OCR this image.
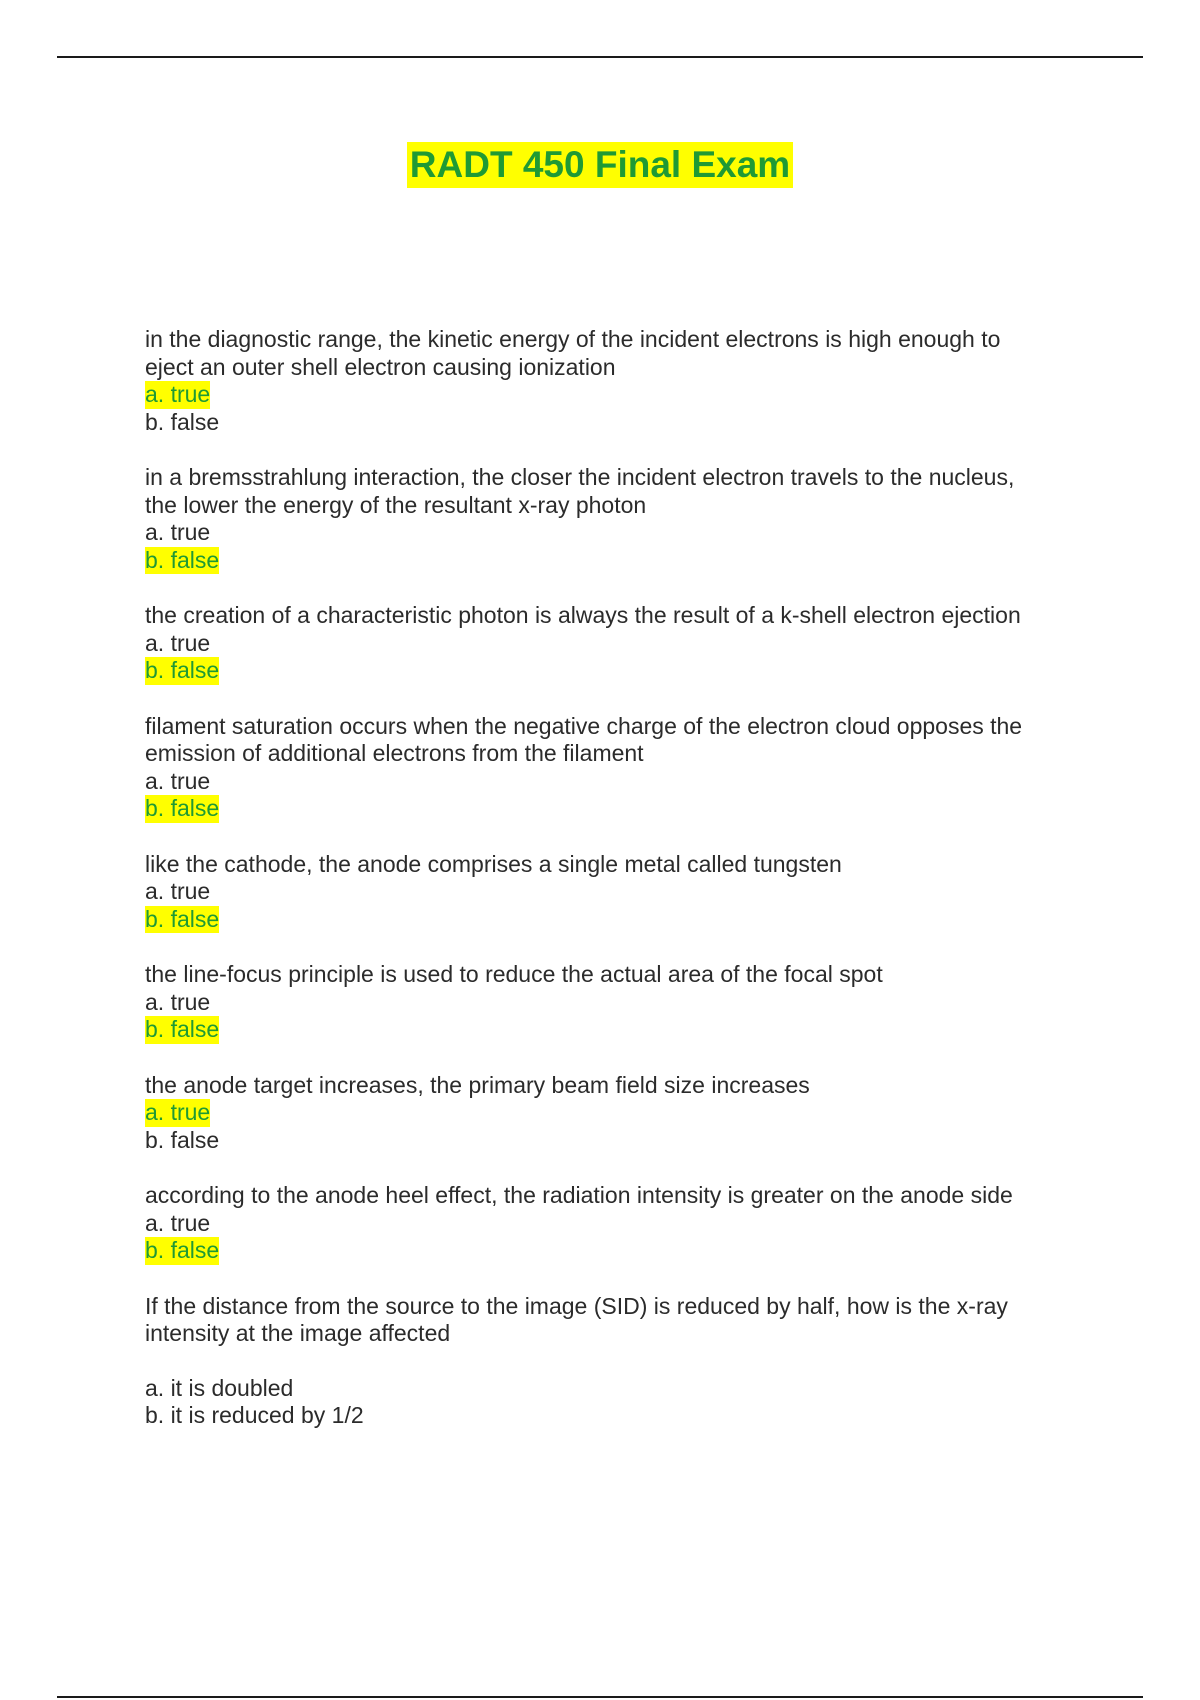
RADT 450 Final Exam
in the diagnostic range, the kinetic energy of the incident electrons is high enough to
eject an outer shell electron causing ionization
a. true
b. false
in a bremsstrahlung interaction, the closer the incident electron travels to the nucleus,
the lower the energy of the resultant x-ray photon
a. true
b. false
the creation of a characteristic photon is always the result of a k-shell electron ejection
a. true
b. false
filament saturation occurs when the negative charge of the electron cloud opposes the
emission of additional electrons from the filament
a. true
b. false
like the cathode, the anode comprises a single metal called tungsten
a. true
b. false
the line-focus principle is used to reduce the actual area of the focal spot
a. true
b. false
the anode target increases, the primary beam field size increases
a. true
b. false
according to the anode heel effect, the radiation intensity is greater on the anode side
a. true
b. false
If the distance from the source to the image (SID) is reduced by half, how is the x-ray
intensity at the image affected
a. it is doubled
b. it is reduced by 1/2
